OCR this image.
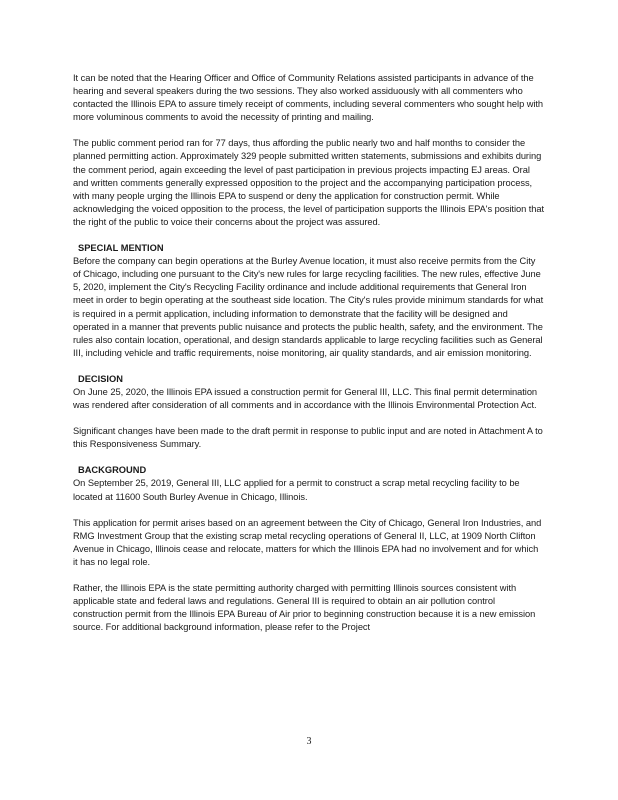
It can be noted that the Hearing Officer and Office of Community Relations assisted participants in advance of the hearing and several speakers during the two sessions. They also worked assiduously with all commenters who contacted the Illinois EPA to assure timely receipt of comments, including several commenters who sought help with more voluminous comments to avoid the necessity of printing and mailing.

The public comment period ran for 77 days, thus affording the public nearly two and half months to consider the planned permitting action. Approximately 329 people submitted written statements, submissions and exhibits during the comment period, again exceeding the level of past participation in previous projects impacting EJ areas. Oral and written comments generally expressed opposition to the project and the accompanying participation process, with many people urging the Illinois EPA to suspend or deny the application for construction permit. While acknowledging the voiced opposition to the process, the level of participation supports the Illinois EPA's position that the right of the public to voice their concerns about the project was assured.

SPECIAL MENTION

Before the company can begin operations at the Burley Avenue location, it must also receive permits from the City of Chicago, including one pursuant to the City's new rules for large recycling facilities. The new rules, effective June 5, 2020, implement the City's Recycling Facility ordinance and include additional requirements that General Iron meet in order to begin operating at the southeast side location. The City's rules provide minimum standards for what is required in a permit application, including information to demonstrate that the facility will be designed and operated in a manner that prevents public nuisance and protects the public health, safety, and the environment. The rules also contain location, operational, and design standards applicable to large recycling facilities such as General III, including vehicle and traffic requirements, noise monitoring, air quality standards, and air emission monitoring.

DECISION

On June 25, 2020, the Illinois EPA issued a construction permit for General III, LLC. This final permit determination was rendered after consideration of all comments and in accordance with the Illinois Environmental Protection Act.

Significant changes have been made to the draft permit in response to public input and are noted in Attachment A to this Responsiveness Summary.

BACKGROUND

On September 25, 2019, General III, LLC applied for a permit to construct a scrap metal recycling facility to be located at 11600 South Burley Avenue in Chicago, Illinois.

This application for permit arises based on an agreement between the City of Chicago, General Iron Industries, and RMG Investment Group that the existing scrap metal recycling operations of General II, LLC, at 1909 North Clifton Avenue in Chicago, Illinois cease and relocate, matters for which the Illinois EPA had no involvement and for which it has no legal role.

Rather, the Illinois EPA is the state permitting authority charged with permitting Illinois sources consistent with applicable state and federal laws and regulations. General III is required to obtain an air pollution control construction permit from the Illinois EPA Bureau of Air prior to beginning construction because it is a new emission source. For additional background information, please refer to the Project

3
